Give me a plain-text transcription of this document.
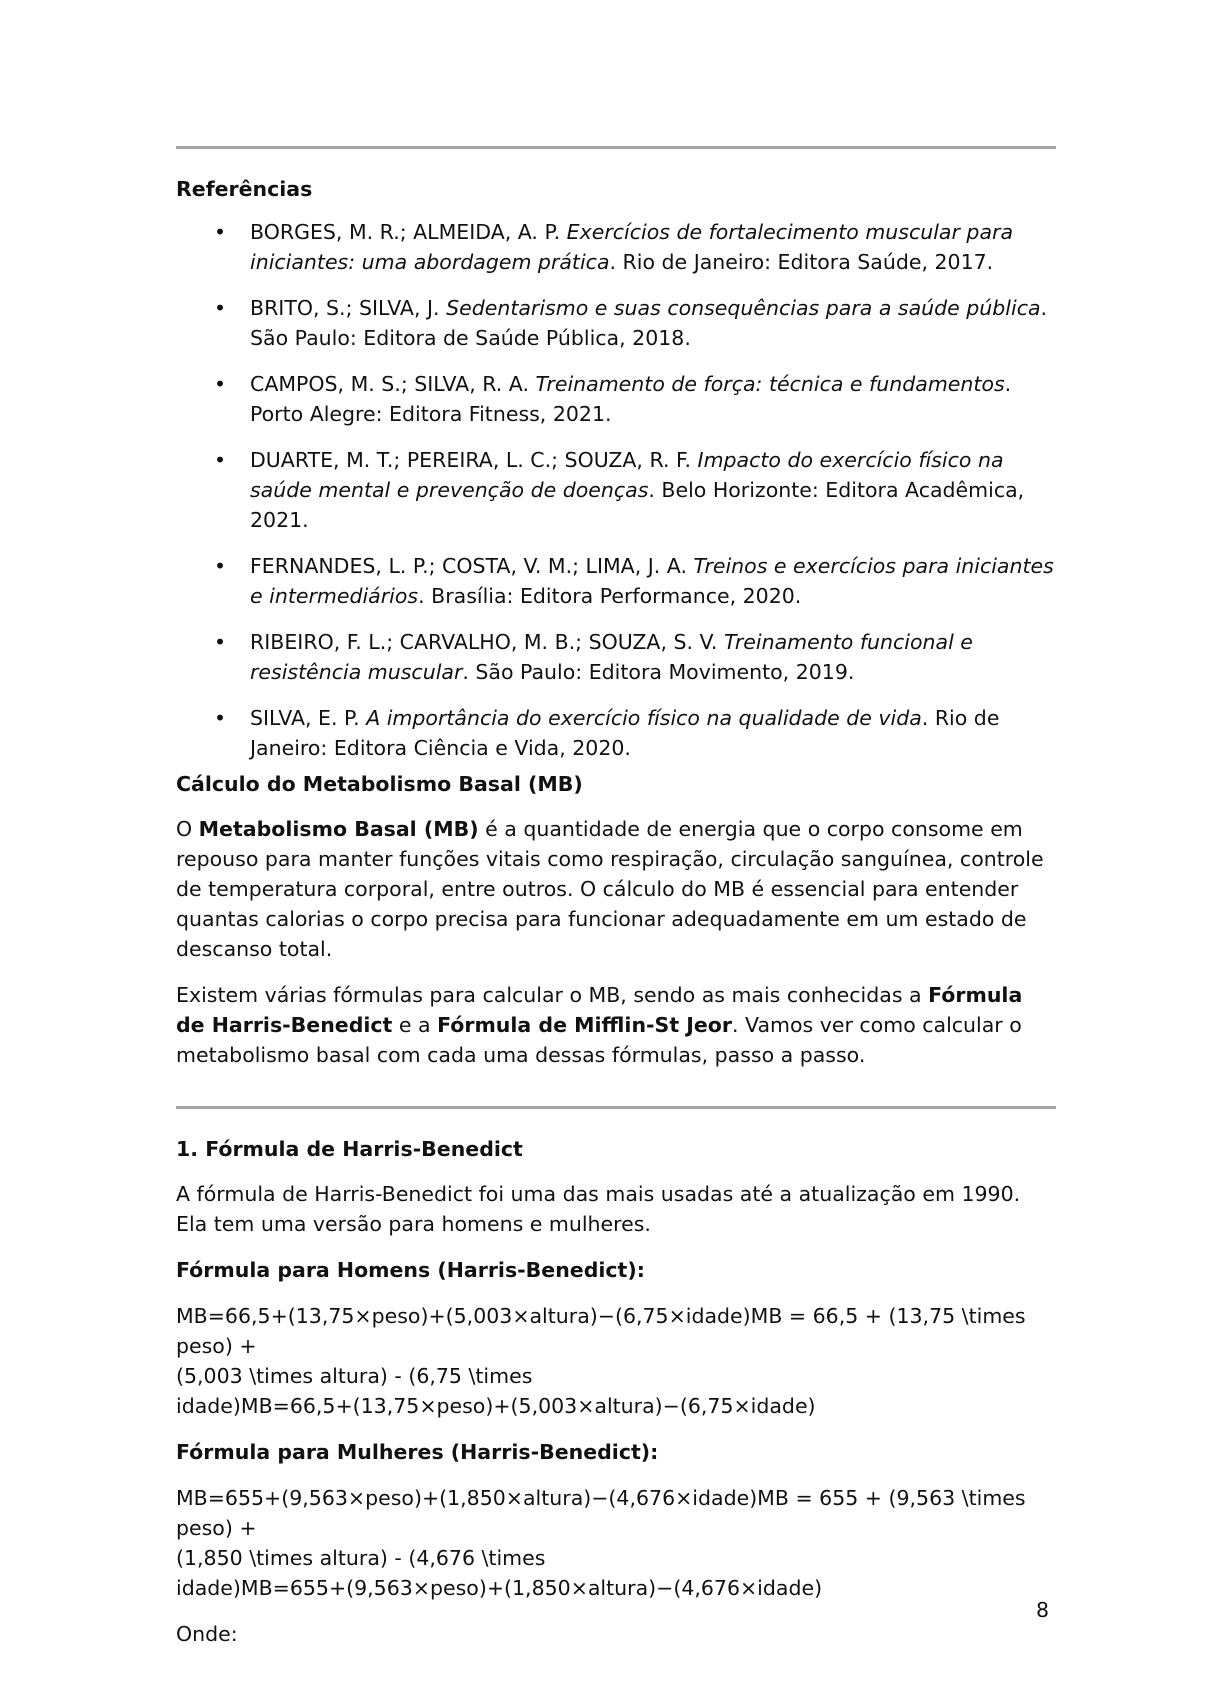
Referências

• BORGES, M. R.; ALMEIDA, A. P. Exercícios de fortalecimento muscular para iniciantes: uma abordagem prática. Rio de Janeiro: Editora Saúde, 2017.
• BRITO, S.; SILVA, J. Sedentarismo e suas consequências para a saúde pública. São Paulo: Editora de Saúde Pública, 2018.
• CAMPOS, M. S.; SILVA, R. A. Treinamento de força: técnica e fundamentos. Porto Alegre: Editora Fitness, 2021.
• DUARTE, M. T.; PEREIRA, L. C.; SOUZA, R. F. Impacto do exercício físico na saúde mental e prevenção de doenças. Belo Horizonte: Editora Acadêmica, 2021.
• FERNANDES, L. P.; COSTA, V. M.; LIMA, J. A. Treinos e exercícios para iniciantes e intermediários. Brasília: Editora Performance, 2020.
• RIBEIRO, F. L.; CARVALHO, M. B.; SOUZA, S. V. Treinamento funcional e resistência muscular. São Paulo: Editora Movimento, 2019.
• SILVA, E. P. A importância do exercício físico na qualidade de vida. Rio de Janeiro: Editora Ciência e Vida, 2020.

Cálculo do Metabolismo Basal (MB)

O Metabolismo Basal (MB) é a quantidade de energia que o corpo consome em repouso para manter funções vitais como respiração, circulação sanguínea, controle de temperatura corporal, entre outros. O cálculo do MB é essencial para entender quantas calorias o corpo precisa para funcionar adequadamente em um estado de descanso total.

Existem várias fórmulas para calcular o MB, sendo as mais conhecidas a Fórmula de Harris-Benedict e a Fórmula de Mifflin-St Jeor. Vamos ver como calcular o metabolismo basal com cada uma dessas fórmulas, passo a passo.

1. Fórmula de Harris-Benedict

A fórmula de Harris-Benedict foi uma das mais usadas até a atualização em 1990. Ela tem uma versão para homens e mulheres.

Fórmula para Homens (Harris-Benedict):

MB=66,5+(13,75×peso)+(5,003×altura)−(6,75×idade)MB = 66,5 + (13,75 \times peso) +
(5,003 \times altura) - (6,75 \times
idade)MB=66,5+(13,75×peso)+(5,003×altura)−(6,75×idade)

Fórmula para Mulheres (Harris-Benedict):

MB=655+(9,563×peso)+(1,850×altura)−(4,676×idade)MB = 655 + (9,563 \times peso) +
(1,850 \times altura) - (4,676 \times
idade)MB=655+(9,563×peso)+(1,850×altura)−(4,676×idade)

Onde:

8
